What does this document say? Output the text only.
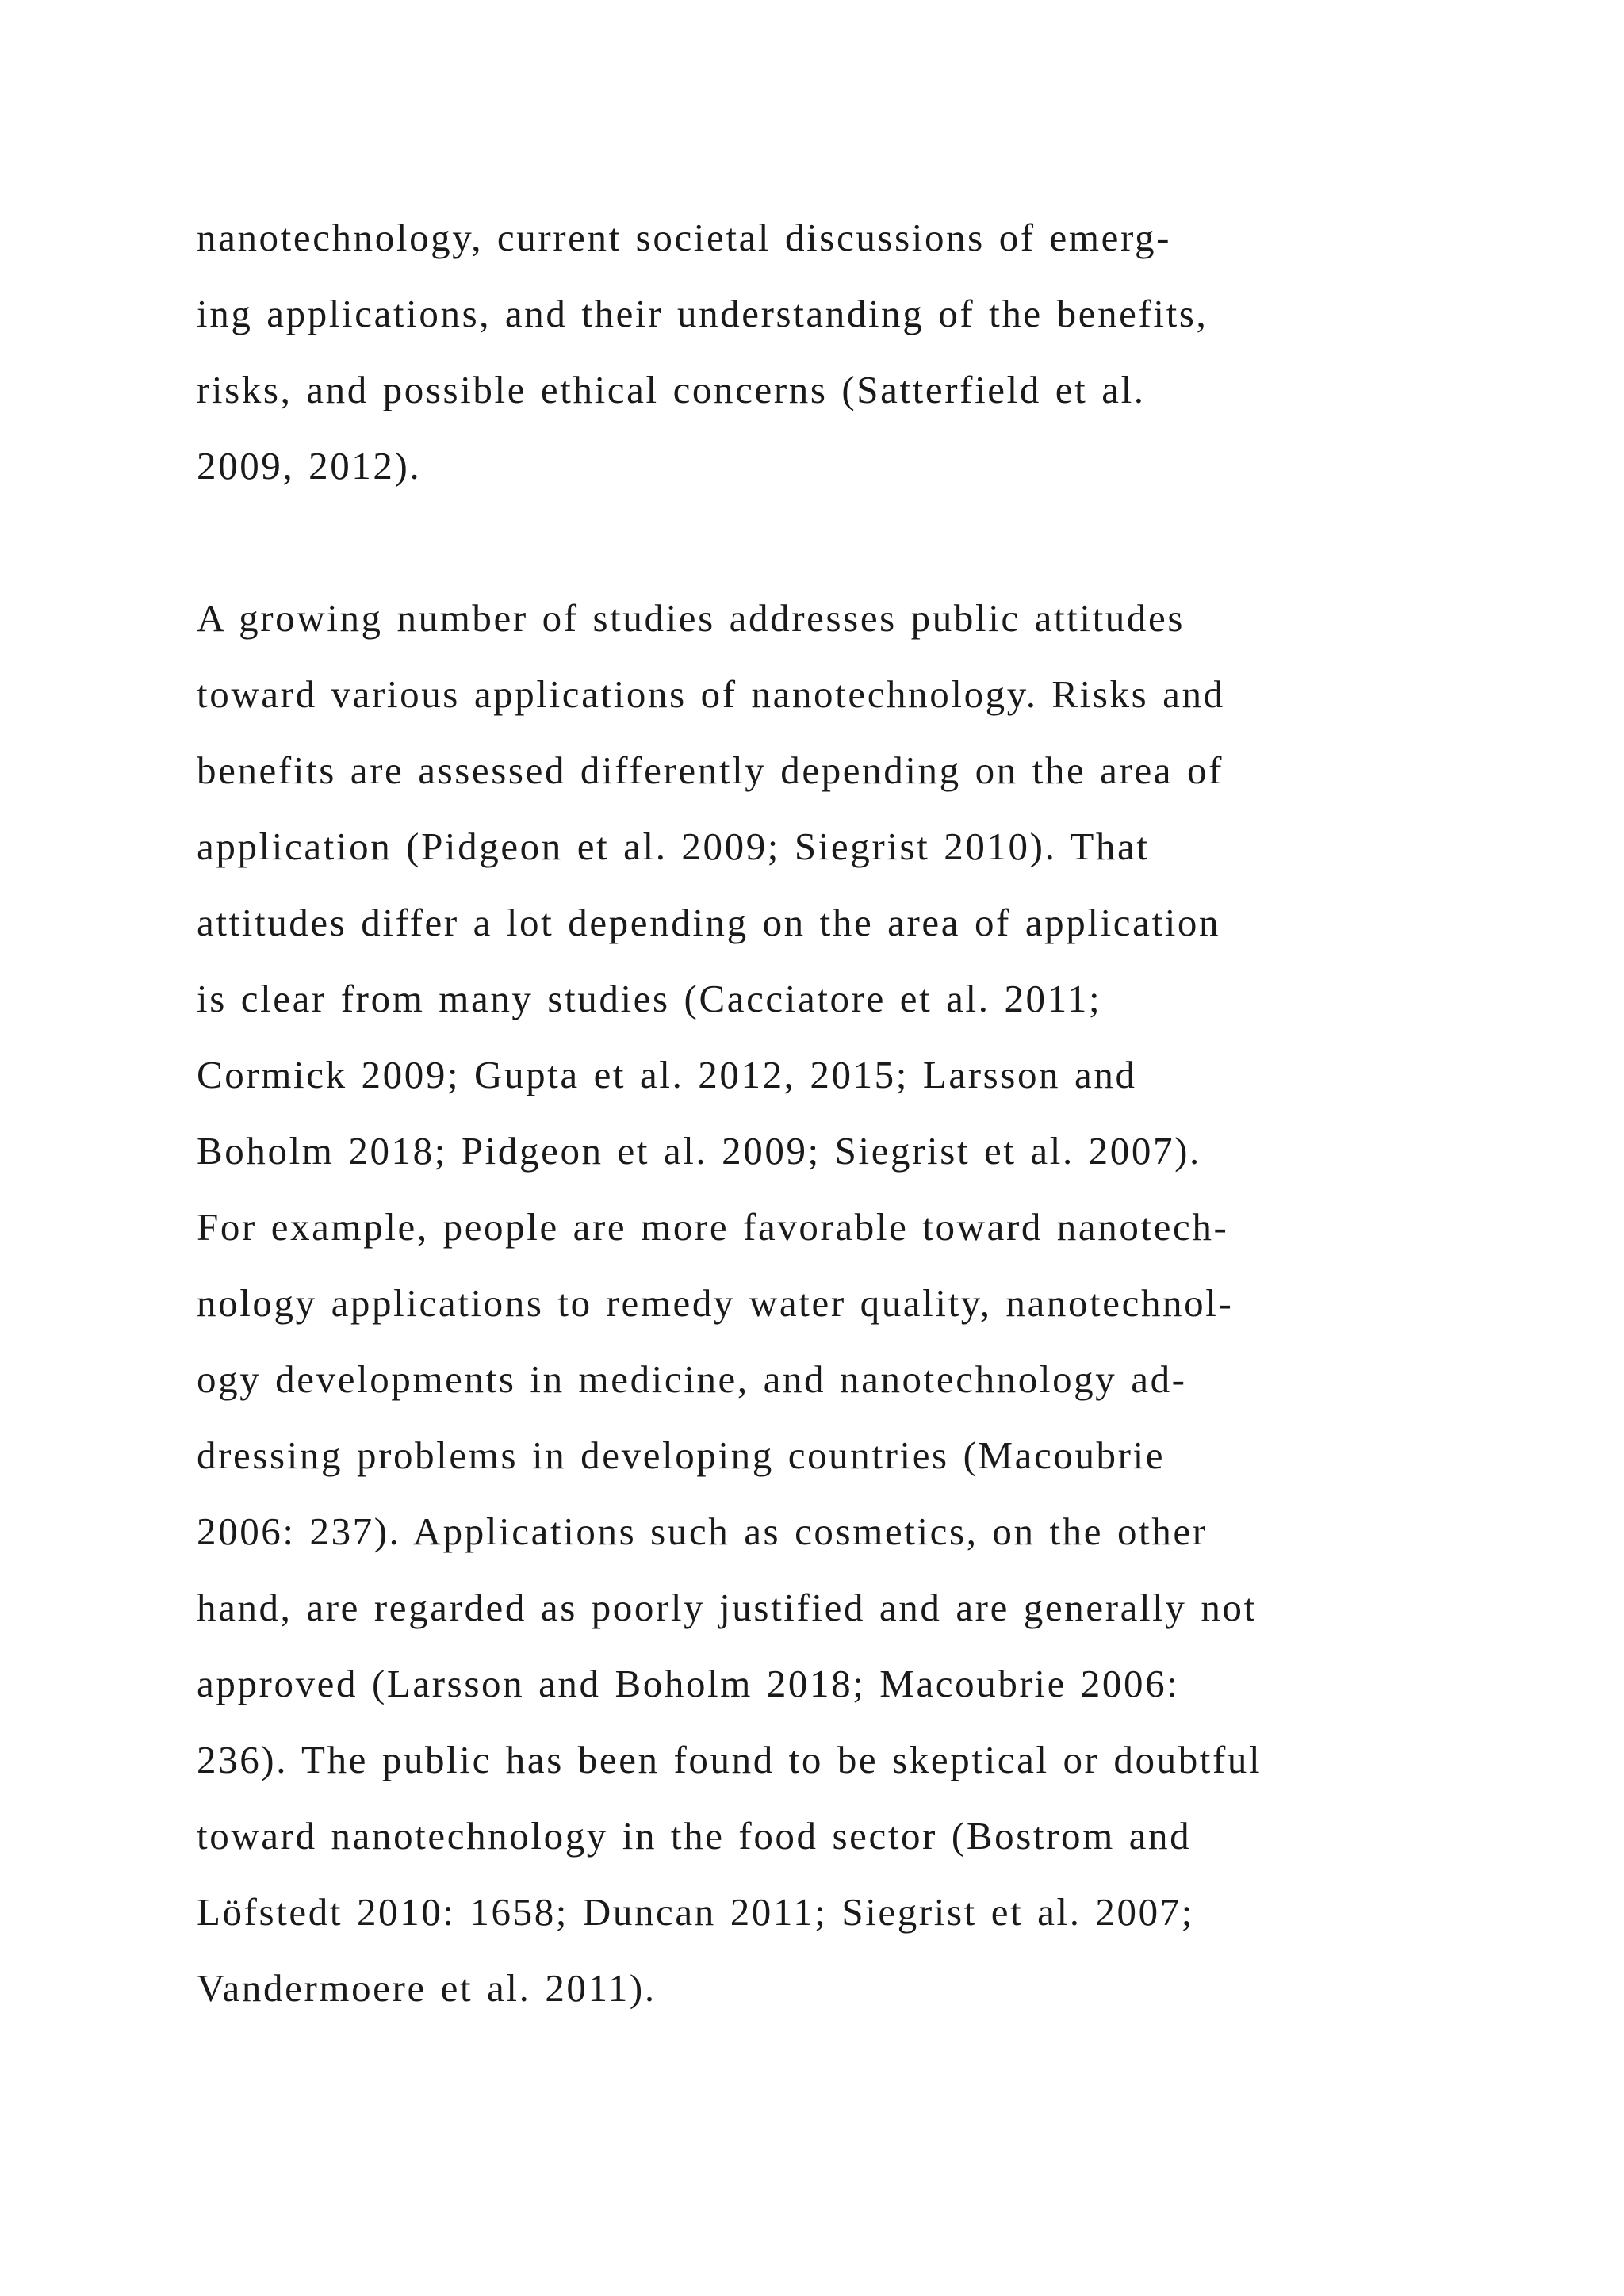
nanotechnology, current societal discussions of emerg-
ing applications, and their understanding of the benefits,
risks, and possible ethical concerns (Satterfield et al.
2009, 2012).
A growing number of studies addresses public attitudes
toward various applications of nanotechnology. Risks and
benefits are assessed differently depending on the area of
application (Pidgeon et al. 2009; Siegrist 2010). That
attitudes differ a lot depending on the area of application
is clear from many studies (Cacciatore et al. 2011;
Cormick 2009; Gupta et al. 2012, 2015; Larsson and
Boholm 2018; Pidgeon et al. 2009; Siegrist et al. 2007).
For example, people are more favorable toward nanotech-
nology applications to remedy water quality, nanotechnol-
ogy developments in medicine, and nanotechnology ad-
dressing problems in developing countries (Macoubrie
2006: 237). Applications such as cosmetics, on the other
hand, are regarded as poorly justified and are generally not
approved (Larsson and Boholm 2018; Macoubrie 2006:
236). The public has been found to be skeptical or doubtful
toward nanotechnology in the food sector (Bostrom and
Löfstedt 2010: 1658; Duncan 2011; Siegrist et al. 2007;
Vandermoere et al. 2011).
